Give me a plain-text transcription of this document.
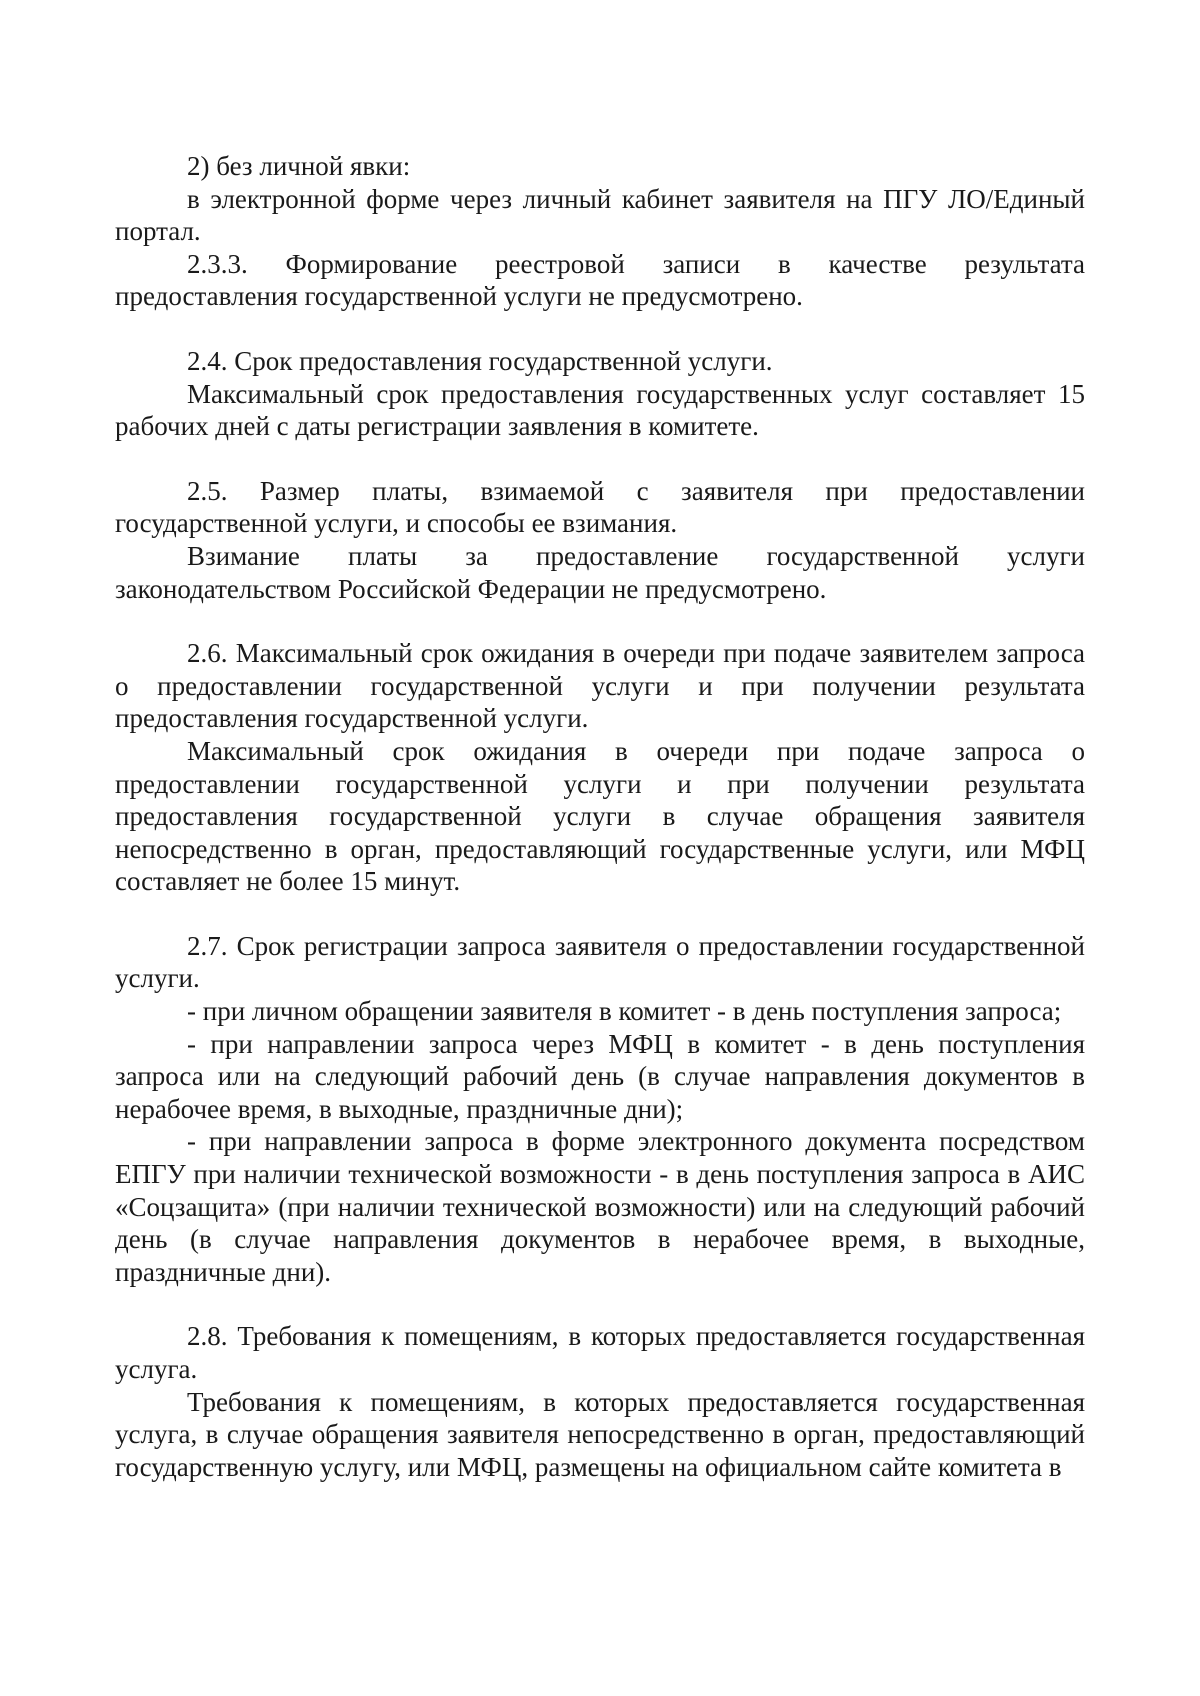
2) без личной явки:

в электронной форме через личный кабинет заявителя на ПГУ ЛО/Единый портал.

2.3.3. Формирование реестровой записи в качестве результата предоставления государственной услуги не предусмотрено.

2.4. Срок предоставления государственной услуги.

Максимальный срок предоставления государственных услуг составляет 15 рабочих дней с даты регистрации заявления в комитете.

2.5. Размер платы, взимаемой с заявителя при предоставлении государственной услуги, и способы ее взимания.

Взимание платы за предоставление государственной услуги законодательством Российской Федерации не предусмотрено.

2.6. Максимальный срок ожидания в очереди при подаче заявителем запроса о предоставлении государственной услуги и при получении результата предоставления государственной услуги.

Максимальный срок ожидания в очереди при подаче запроса о предоставлении государственной услуги и при получении результата предоставления государственной услуги в случае обращения заявителя непосредственно в орган, предоставляющий государственные услуги, или МФЦ составляет не более 15 минут.

2.7. Срок регистрации запроса заявителя о предоставлении государственной услуги.

- при личном обращении заявителя в комитет - в день поступления запроса;

- при направлении запроса через МФЦ в комитет - в день поступления запроса или на следующий рабочий день (в случае направления документов в нерабочее время, в выходные, праздничные дни);

- при направлении запроса в форме электронного документа посредством ЕПГУ при наличии технической возможности - в день поступления запроса в АИС «Соцзащита» (при наличии технической возможности) или на следующий рабочий день (в случае направления документов в нерабочее время, в выходные, праздничные дни).

2.8. Требования к помещениям, в которых предоставляется государственная услуга.

Требования к помещениям, в которых предоставляется государственная услуга, в случае обращения заявителя непосредственно в орган, предоставляющий государственную услугу, или МФЦ, размещены на официальном сайте комитета в
